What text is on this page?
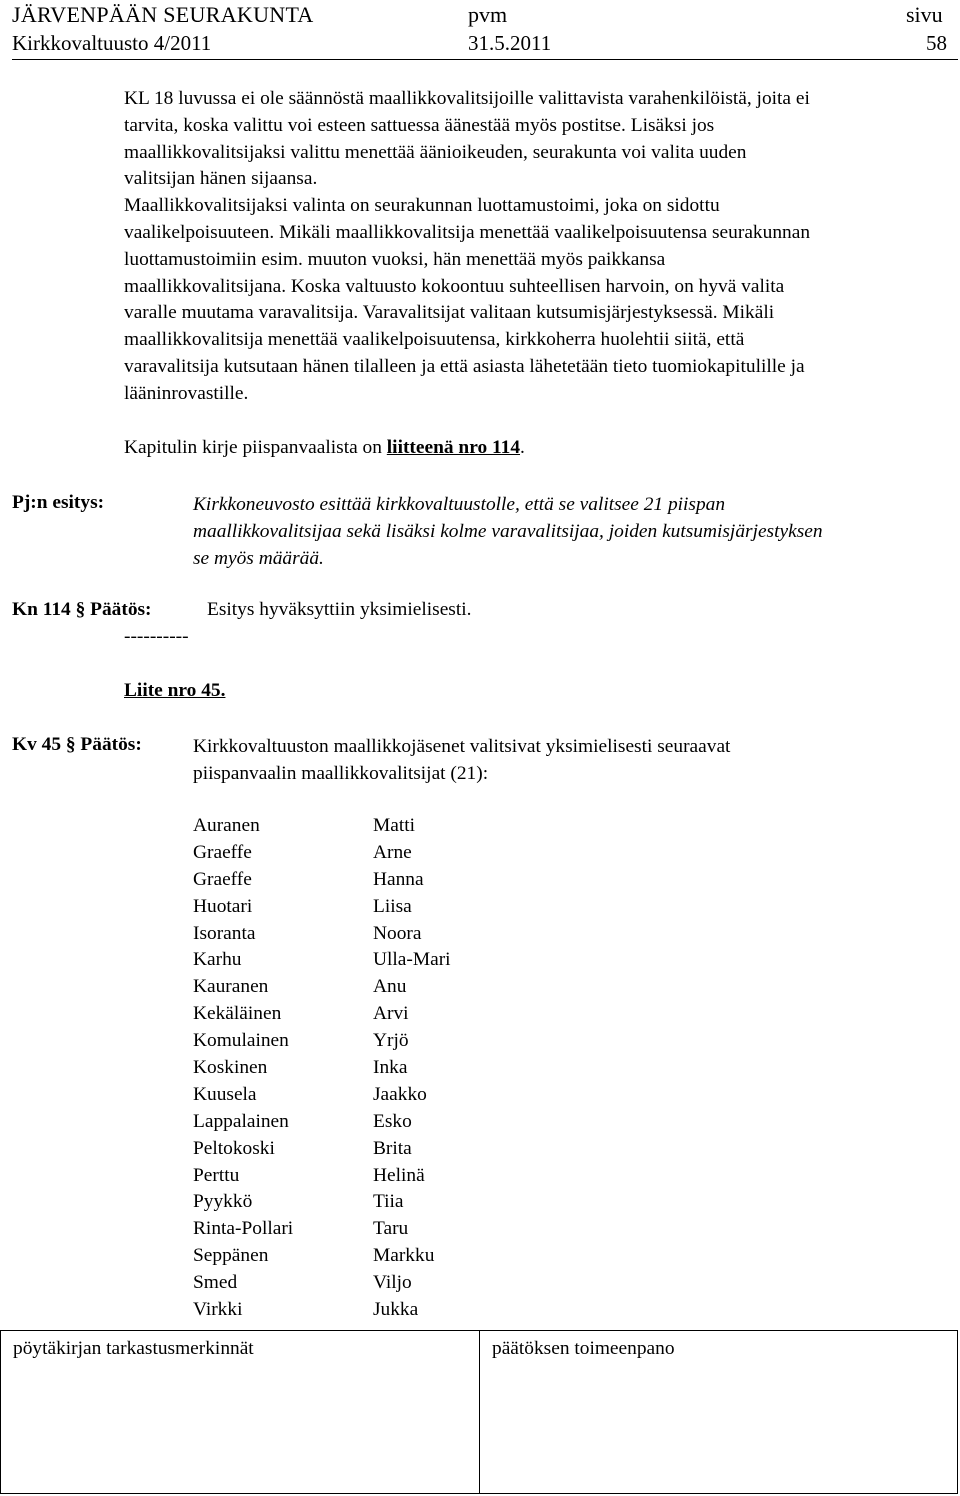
JÄRVENPÄÄN SEURAKUNTA
Kirkkovaltuusto 4/2011
pvm
31.5.2011
sivu
58

KL 18 luvussa ei ole säännöstä maallikkovalitsijoille valittavista varahenkilöistä, joita ei

tarvita, koska valittu voi esteen sattuessa äänestää myös postitse. Lisäksi jos

maallikkovalitsijaksi valittu menettää äänioikeuden, seurakunta voi valita uuden

valitsijan hänen sijaansa.

Maallikkovalitsijaksi valinta on seurakunnan luottamustoimi, joka on sidottu

vaalikelpoisuuteen. Mikäli maallikkovalitsija menettää vaalikelpoisuutensa seurakunnan

luottamustoimiin esim. muuton vuoksi, hän menettää myös paikkansa

maallikkovalitsijana. Koska valtuusto kokoontuu suhteellisen harvoin, on hyvä valita

varalle muutama varavalitsija. Varavalitsijat valitaan kutsumisjärjestyksessä. Mikäli

maallikkovalitsija menettää vaalikelpoisuutensa, kirkkoherra huolehtii siitä, että

varavalitsija kutsutaan hänen tilalleen ja että asiasta lähetetään tieto tuomiokapitulille ja

lääninrovastille.

Kapitulin kirje piispanvaalista on liitteenä nro 114.
Pj:n esitys:	Kirkkoneuvosto esittää kirkkovaltuustolle, että se valitsee 21 piispan

maallikkovalitsijaa sekä lisäksi kolme varavalitsijaa, joiden kutsumisjärjestyksen

se myös määrää.

Kn 114 § Päätös:	Esitys hyväksyttiin yksimielisesti.
----------
Liite nro 45.
Kv 45 § Päätös:	Kirkkovaltuuston maallikkojäsenet valitsivat yksimielisesti seuraavat

piispanvaalin maallikkovalitsijat (21):

Auranen	Matti
Graeffe	Arne
Graeffe	Hanna
Huotari	Liisa
Isoranta	Noora
Karhu	Ulla-Mari
Kauranen	Anu
Kekäläinen	Arvi
Komulainen	Yrjö
Koskinen	Inka
Kuusela	Jaakko
Lappalainen	Esko
Peltokoski	Brita
Perttu	Helinä
Pyykkö	Tiia
Rinta-Pollari	Taru
Seppänen	Markku
Smed	Viljo
Virkki	Jukka
pöytäkirjan tarkastusmerkinnät	päätöksen toimeenpano
